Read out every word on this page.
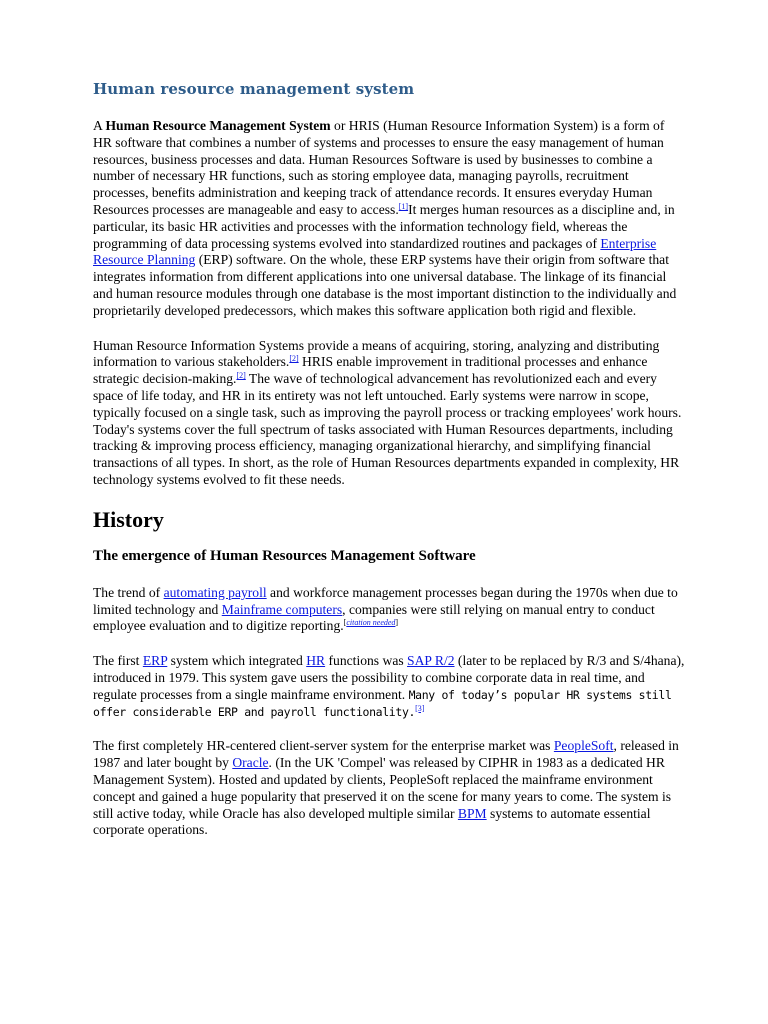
Human resource management system

A Human Resource Management System or HRIS (Human Resource Information System) is a form of HR software that combines a number of systems and processes to ensure the easy management of human resources, business processes and data. Human Resources Software is used by businesses to combine a number of necessary HR functions, such as storing employee data, managing payrolls, recruitment processes, benefits administration and keeping track of attendance records. It ensures everyday Human Resources processes are manageable and easy to access.[1]It merges human resources as a discipline and, in particular, its basic HR activities and processes with the information technology field, whereas the programming of data processing systems evolved into standardized routines and packages of Enterprise Resource Planning (ERP) software. On the whole, these ERP systems have their origin from software that integrates information from different applications into one universal database. The linkage of its financial and human resource modules through one database is the most important distinction to the individually and proprietarily developed predecessors, which makes this software application both rigid and flexible.

Human Resource Information Systems provide a means of acquiring, storing, analyzing and distributing information to various stakeholders.[2] HRIS enable improvement in traditional processes and enhance strategic decision-making.[2] The wave of technological advancement has revolutionized each and every space of life today, and HR in its entirety was not left untouched. Early systems were narrow in scope, typically focused on a single task, such as improving the payroll process or tracking employees' work hours. Today's systems cover the full spectrum of tasks associated with Human Resources departments, including tracking & improving process efficiency, managing organizational hierarchy, and simplifying financial transactions of all types. In short, as the role of Human Resources departments expanded in complexity, HR technology systems evolved to fit these needs.

History
The emergence of Human Resources Management Software

The trend of automating payroll and workforce management processes began during the 1970s when due to limited technology and Mainframe computers, companies were still relying on manual entry to conduct employee evaluation and to digitize reporting.[citation needed]

The first ERP system which integrated HR functions was SAP R/2 (later to be replaced by R/3 and S/4hana), introduced in 1979. This system gave users the possibility to combine corporate data in real time, and regulate processes from a single mainframe environment. Many of today’s popular HR systems still offer considerable ERP and payroll functionality.[3]

The first completely HR-centered client-server system for the enterprise market was PeopleSoft, released in 1987 and later bought by Oracle. (In the UK 'Compel' was released by CIPHR in 1983 as a dedicated HR Management System). Hosted and updated by clients, PeopleSoft replaced the mainframe environment concept and gained a huge popularity that preserved it on the scene for many years to come. The system is still active today, while Oracle has also developed multiple similar BPM systems to automate essential corporate operations.
